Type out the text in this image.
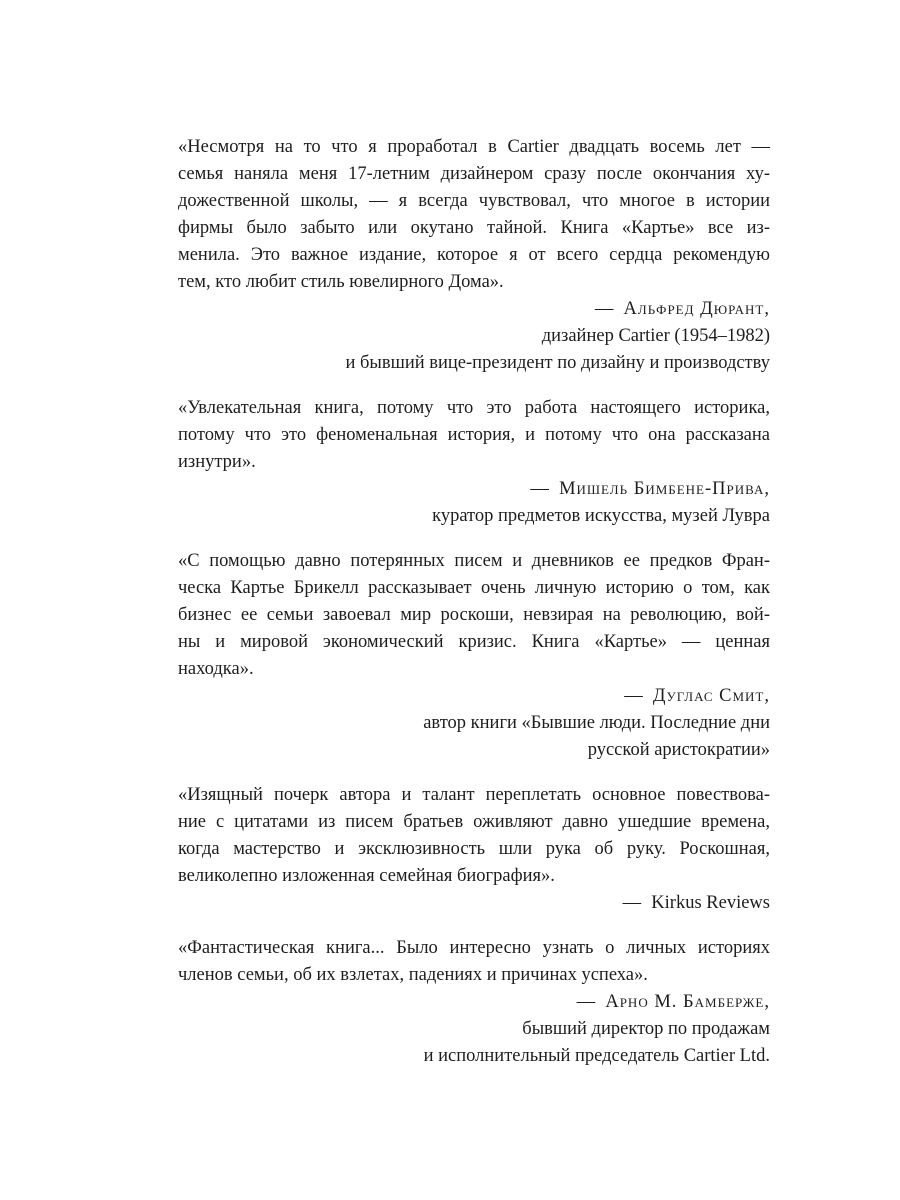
«Несмотря на то что я проработал в Cartier двадцать восемь лет —
семья наняла меня 17-летним дизайнером сразу после окончания ху-
дожественной школы, — я всегда чувствовал, что многое в истории
фирмы было забыто или окутано тайной. Книга «Картье» все из-
менила. Это важное издание, которое я от всего сердца рекомендую
тем, кто любит стиль ювелирного Дома».
— Альфред Дюрант,
дизайнер Cartier (1954–1982)
и бывший вице-президент по дизайну и производству
«Увлекательная книга, потому что это работа настоящего историка,
потому что это феноменальная история, и потому что она рассказана
изнутри».
— Мишель Бимбене-Прива,
куратор предметов искусства, музей Лувра
«С помощью давно потерянных писем и дневников ее предков Фран-
ческа Картье Брикелл рассказывает очень личную историю о том, как
бизнес ее семьи завоевал мир роскоши, невзирая на революцию, вой-
ны и мировой экономический кризис. Книга «Картье» — ценная
находка».
— Дуглас Смит,
автор книги «Бывшие люди. Последние дни
русской аристократии»
«Изящный почерк автора и талант переплетать основное повествова-
ние с цитатами из писем братьев оживляют давно ушедшие времена,
когда мастерство и эксклюзивность шли рука об руку. Роскошная,
великолепно изложенная семейная биография».
— Kirkus Reviews
«Фантастическая книга... Было интересно узнать о личных историях
членов семьи, об их взлетах, падениях и причинах успеха».
— Арно М. Бамберже,
бывший директор по продажам
и исполнительный председатель Cartier Ltd.
